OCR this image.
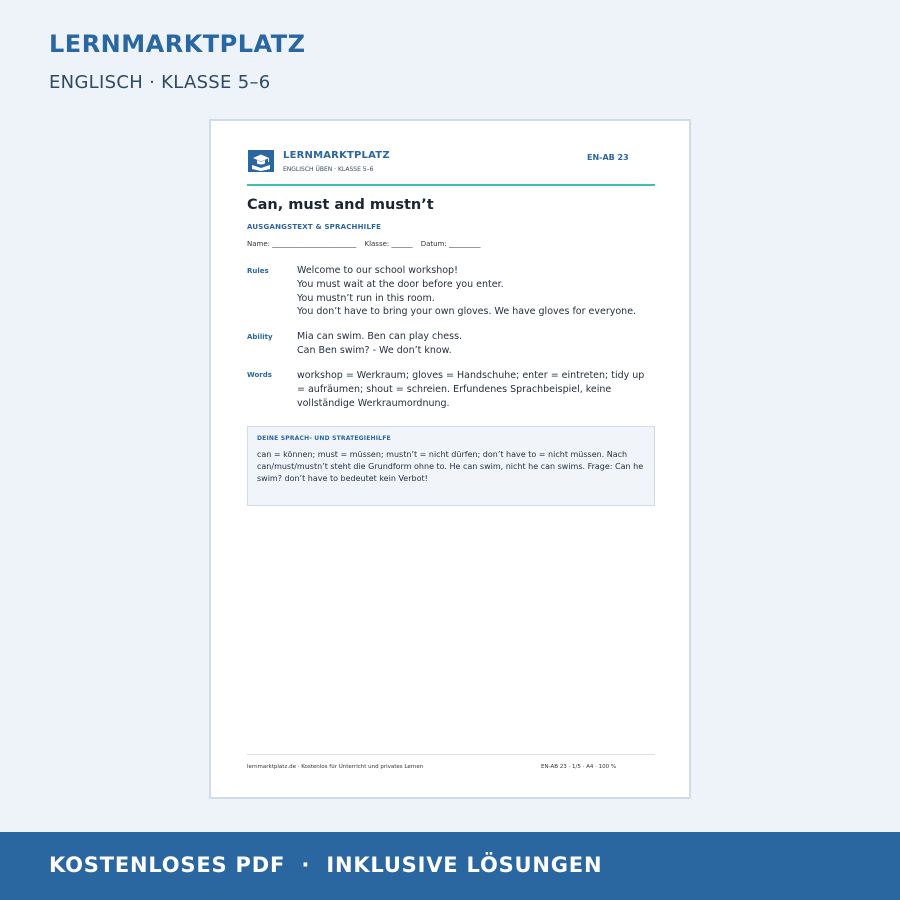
LERNMARKTPLATZ
ENGLISCH · KLASSE 5–6
LERNMARKTPLATZ
ENGLISCH ÜBEN · KLASSE 5–6
EN-AB 23
Can, must and mustn’t
AUSGANGSTEXT & SPRACHHILFE
Name: ________________________ Klasse: ______ Datum: _________
Rules	Welcome to our school workshop!
You must wait at the door before you enter.
You mustn’t run in this room.
You don’t have to bring your own gloves. We have gloves for everyone.
Ability	Mia can swim. Ben can play chess.
Can Ben swim? - We don’t know.
Words	workshop = Werkraum; gloves = Handschuhe; enter = eintreten; tidy up
= aufräumen; shout = schreien. Erfundenes Sprachbeispiel, keine
vollständige Werkraumordnung.
DEINE SPRACH- UND STRATEGIEHILFE
can = können; must = müssen; mustn’t = nicht dürfen; don’t have to = nicht müssen. Nach can/must/mustn’t steht die Grundform ohne to. He can swim, nicht he can swims. Frage: Can he swim? don’t have to bedeutet kein Verbot!
lernmarktplatz.de · Kostenlos für Unterricht und privates Lernen	EN-AB 23 · 1/5 · A4 · 100 %
KOSTENLOSES PDF  ·  INKLUSIVE LÖSUNGEN
